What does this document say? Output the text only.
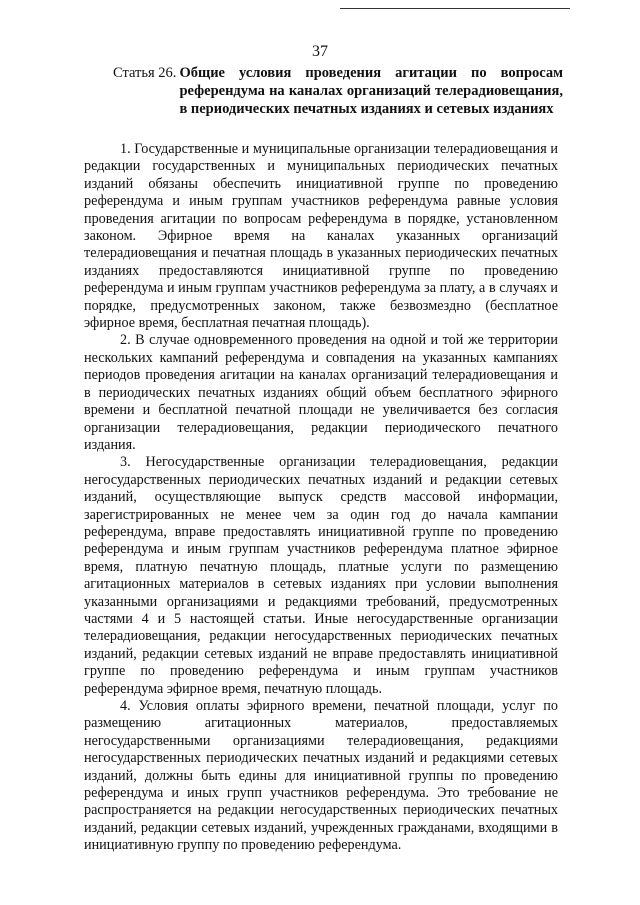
37
Статья 26. Общие условия проведения агитации по вопросам референдума на каналах организаций телерадиовещания, в периодических печатных изданиях и сетевых изданиях

1. Государственные и муниципальные организации телерадиовещания и редакции государственных и муниципальных периодических печатных изданий обязаны обеспечить инициативной группе по проведению референдума и иным группам участников референдума равные условия проведения агитации по вопросам референдума в порядке, установленном законом. Эфирное время на каналах указанных организаций телерадиовещания и печатная площадь в указанных периодических печатных изданиях предоставляются инициативной группе по проведению референдума и иным группам участников референдума за плату, а в случаях и порядке, предусмотренных законом, также безвозмездно (бесплатное эфирное время, бесплатная печатная площадь).

2. В случае одновременного проведения на одной и той же территории нескольких кампаний референдума и совпадения на указанных кампаниях периодов проведения агитации на каналах организаций телерадиовещания и в периодических печатных изданиях общий объем бесплатного эфирного времени и бесплатной печатной площади не увеличивается без согласия организации телерадиовещания, редакции периодического печатного издания.

3. Негосударственные организации телерадиовещания, редакции негосударственных периодических печатных изданий и редакции сетевых изданий, осуществляющие выпуск средств массовой информации, зарегистрированных не менее чем за один год до начала кампании референдума, вправе предоставлять инициативной группе по проведению референдума и иным группам участников референдума платное эфирное время, платную печатную площадь, платные услуги по размещению агитационных материалов в сетевых изданиях при условии выполнения указанными организациями и редакциями требований, предусмотренных частями 4 и 5 настоящей статьи. Иные негосударственные организации телерадиовещания, редакции негосударственных периодических печатных изданий, редакции сетевых изданий не вправе предоставлять инициативной группе по проведению референдума и иным группам участников референдума эфирное время, печатную площадь.

4. Условия оплаты эфирного времени, печатной площади, услуг по размещению агитационных материалов, предоставляемых негосударственными организациями телерадиовещания, редакциями негосударственных периодических печатных изданий и редакциями сетевых изданий, должны быть едины для инициативной группы по проведению референдума и иных групп участников референдума. Это требование не распространяется на редакции негосударственных периодических печатных изданий, редакции сетевых изданий, учрежденных гражданами, входящими в инициативную группу по проведению референдума.
